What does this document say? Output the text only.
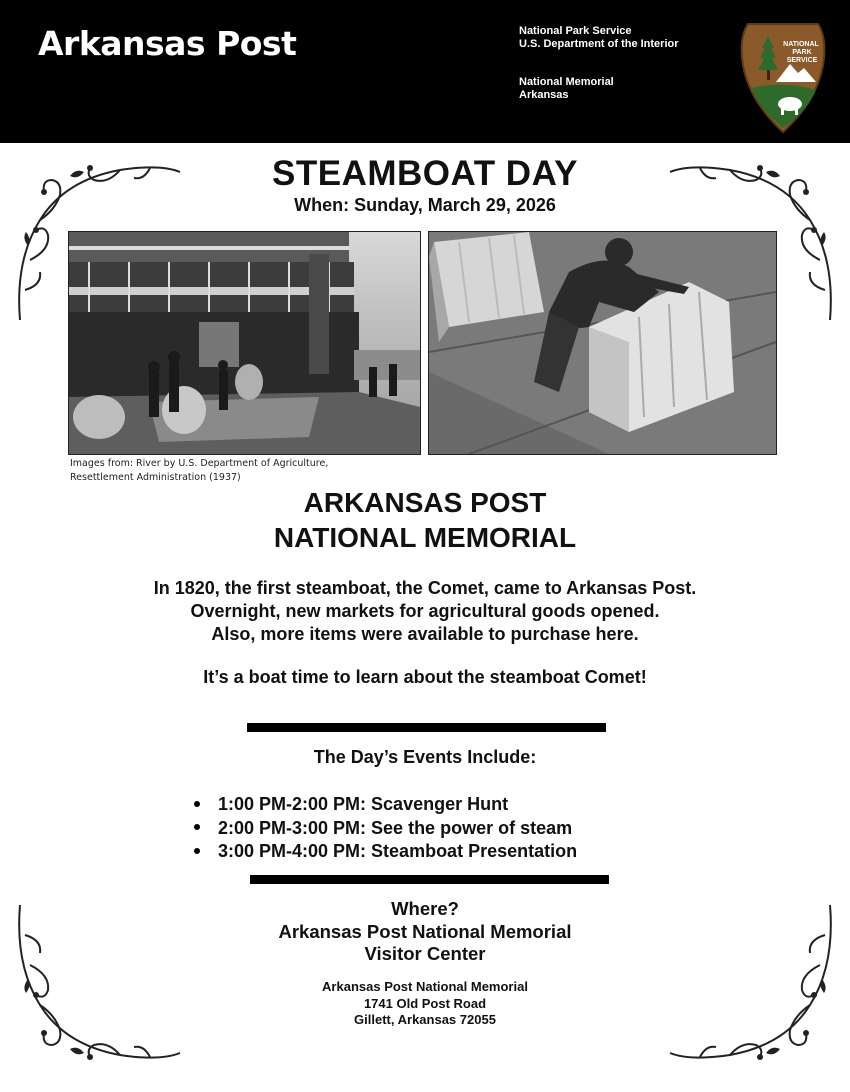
Arkansas Post	National Park Service
U.S. Department of the Interior
National Memorial
Arkansas
NATIONAL
PARK
SERVICE
STEAMBOAT DAY
When: Sunday, March 29, 2026
Images from: River by U.S. Department of Agriculture,
Resettlement Administration (1937)
ARKANSAS POST
NATIONAL MEMORIAL
In 1820, the first steamboat, the Comet, came to Arkansas Post.
Overnight, new markets for agricultural goods opened.
Also, more items were available to purchase here.
It’s a boat time to learn about the steamboat Comet!
The Day’s Events Include:
1:00 PM-2:00 PM: Scavenger Hunt
2:00 PM-3:00 PM: See the power of steam
3:00 PM-4:00 PM: Steamboat Presentation
Where?
Arkansas Post National Memorial
Visitor Center
Arkansas Post National Memorial
1741 Old Post Road
Gillett, Arkansas 72055
